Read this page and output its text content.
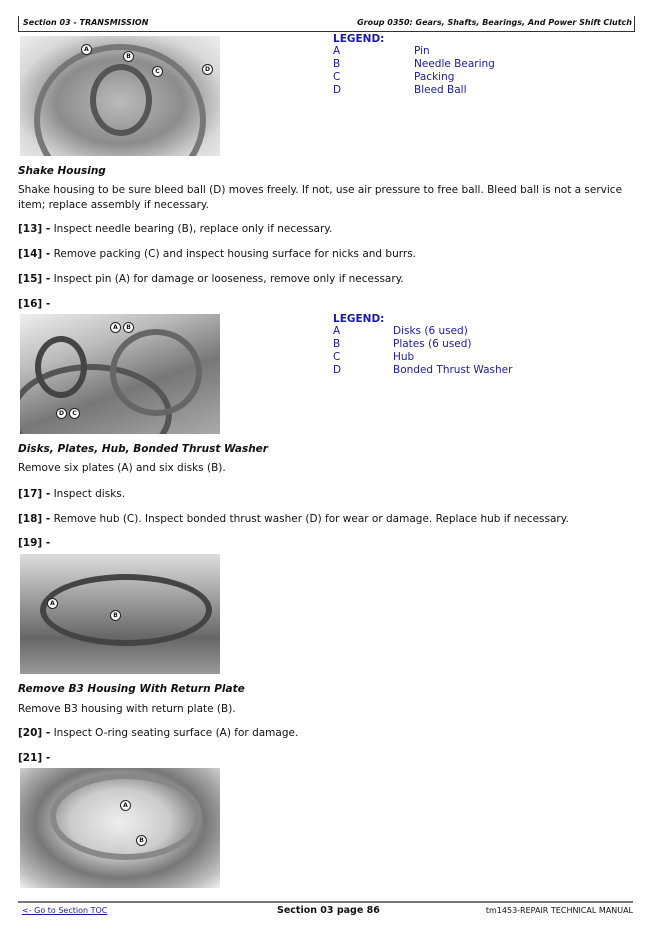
Section 03 - TRANSMISSION	Group 0350: Gears, Shafts, Bearings, And Power Shift Clutch
A
B
C	D
LEGEND:
A	Pin
B	Needle Bearing
C	Packing
D	Bleed Ball
Shake Housing
Shake housing to be sure bleed ball (D) moves freely. If not, use air pressure to free ball. Bleed ball is not a service item; replace assembly if necessary.
[13] - Inspect needle bearing (B), replace only if necessary.
[14] - Remove packing (C) and inspect housing surface for nicks and burrs.
[15] - Inspect pin (A) for damage or looseness, remove only if necessary.
[16] -
A	B
D	C
LEGEND:
A	Disks (6 used)
B	Plates (6 used)
C	Hub
D	Bonded Thrust Washer
Disks, Plates, Hub, Bonded Thrust Washer
Remove six plates (A) and six disks (B).
[17] - Inspect disks.
[18] - Remove hub (C). Inspect bonded thrust washer (D) for wear or damage. Replace hub if necessary.
[19] -
A
B
Remove B3 Housing With Return Plate
Remove B3 housing with return plate (B).
[20] - Inspect O-ring seating surface (A) for damage.
[21] -
A
B
<- Go to Section TOC	Section 03 page 86	tm1453-REPAIR TECHNICAL MANUAL
